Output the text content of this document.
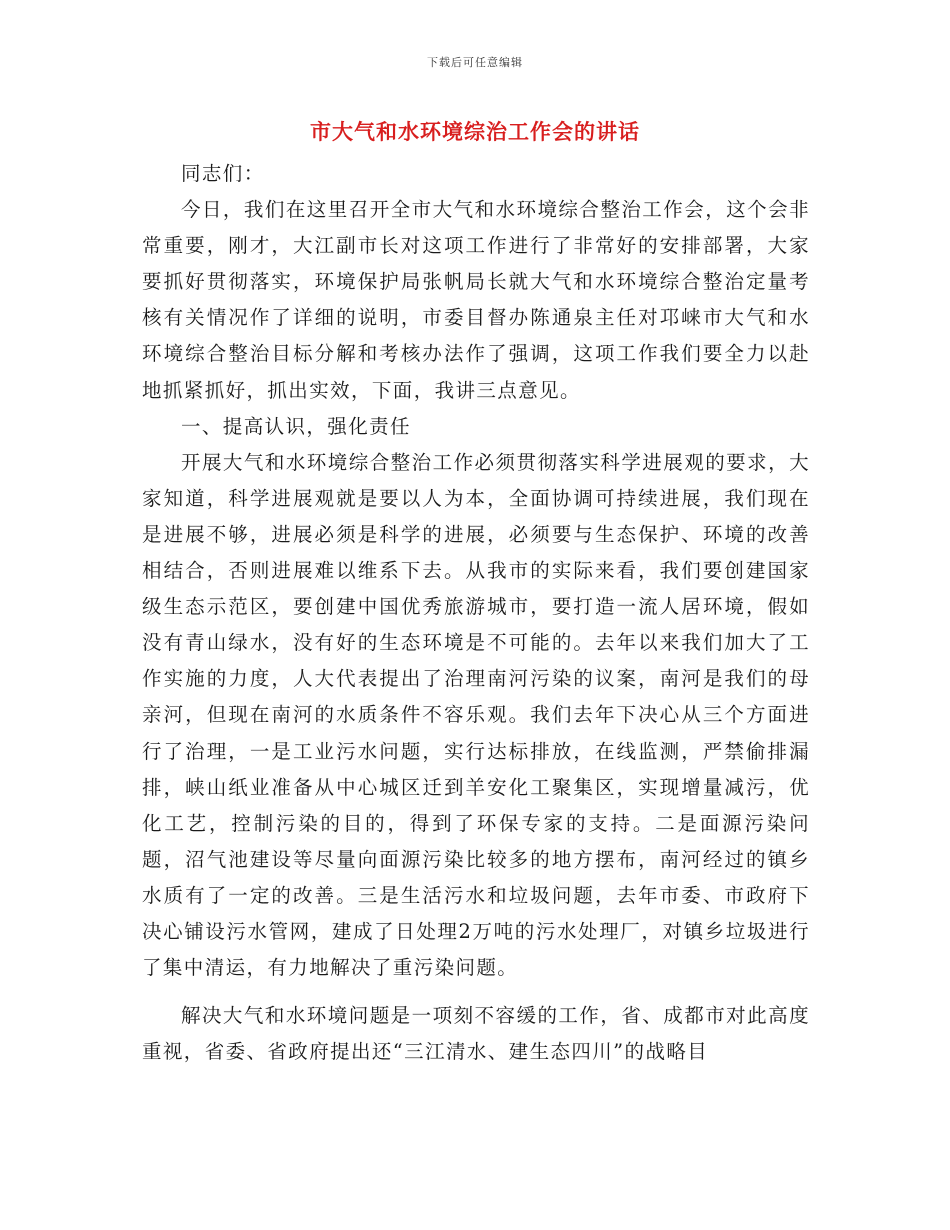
下载后可任意编辑
市大气和水环境综治工作会的讲话

同志们：

今日，我们在这里召开全市大气和水环境综合整治工作会，这个会非常重要，刚才，大江副市长对这项工作进行了非常好的安排部署，大家要抓好贯彻落实，环境保护局张帆局长就大气和水环境综合整治定量考核有关情况作了详细的说明，市委目督办陈通泉主任对邛崃市大气和水环境综合整治目标分解和考核办法作了强调，这项工作我们要全力以赴地抓紧抓好，抓出实效，下面，我讲三点意见。

一、提高认识，强化责任

开展大气和水环境综合整治工作必须贯彻落实科学进展观的要求，大家知道，科学进展观就是要以人为本，全面协调可持续进展，我们现在是进展不够，进展必须是科学的进展，必须要与生态保护、环境的改善相结合，否则进展难以维系下去。从我市的实际来看，我们要创建国家级生态示范区，要创建中国优秀旅游城市，要打造一流人居环境，假如没有青山绿水，没有好的生态环境是不可能的。去年以来我们加大了工作实施的力度，人大代表提出了治理南河污染的议案，南河是我们的母亲河，但现在南河的水质条件不容乐观。我们去年下决心从三个方面进行了治理，一是工业污水问题，实行达标排放，在线监测，严禁偷排漏排，峡山纸业准备从中心城区迁到羊安化工聚集区，实现增量减污，优化工艺，控制污染的目的，得到了环保专家的支持。二是面源污染问题，沼气池建设等尽量向面源污染比较多的地方摆布，南河经过的镇乡水质有了一定的改善。三是生活污水和垃圾问题，去年市委、市政府下决心铺设污水管网，建成了日处理2万吨的污水处理厂，对镇乡垃圾进行了集中清运，有力地解决了重污染问题。

解决大气和水环境问题是一项刻不容缓的工作，省、成都市对此高度重视，省委、省政府提出还“三江清水、建生态四川”的战略目
